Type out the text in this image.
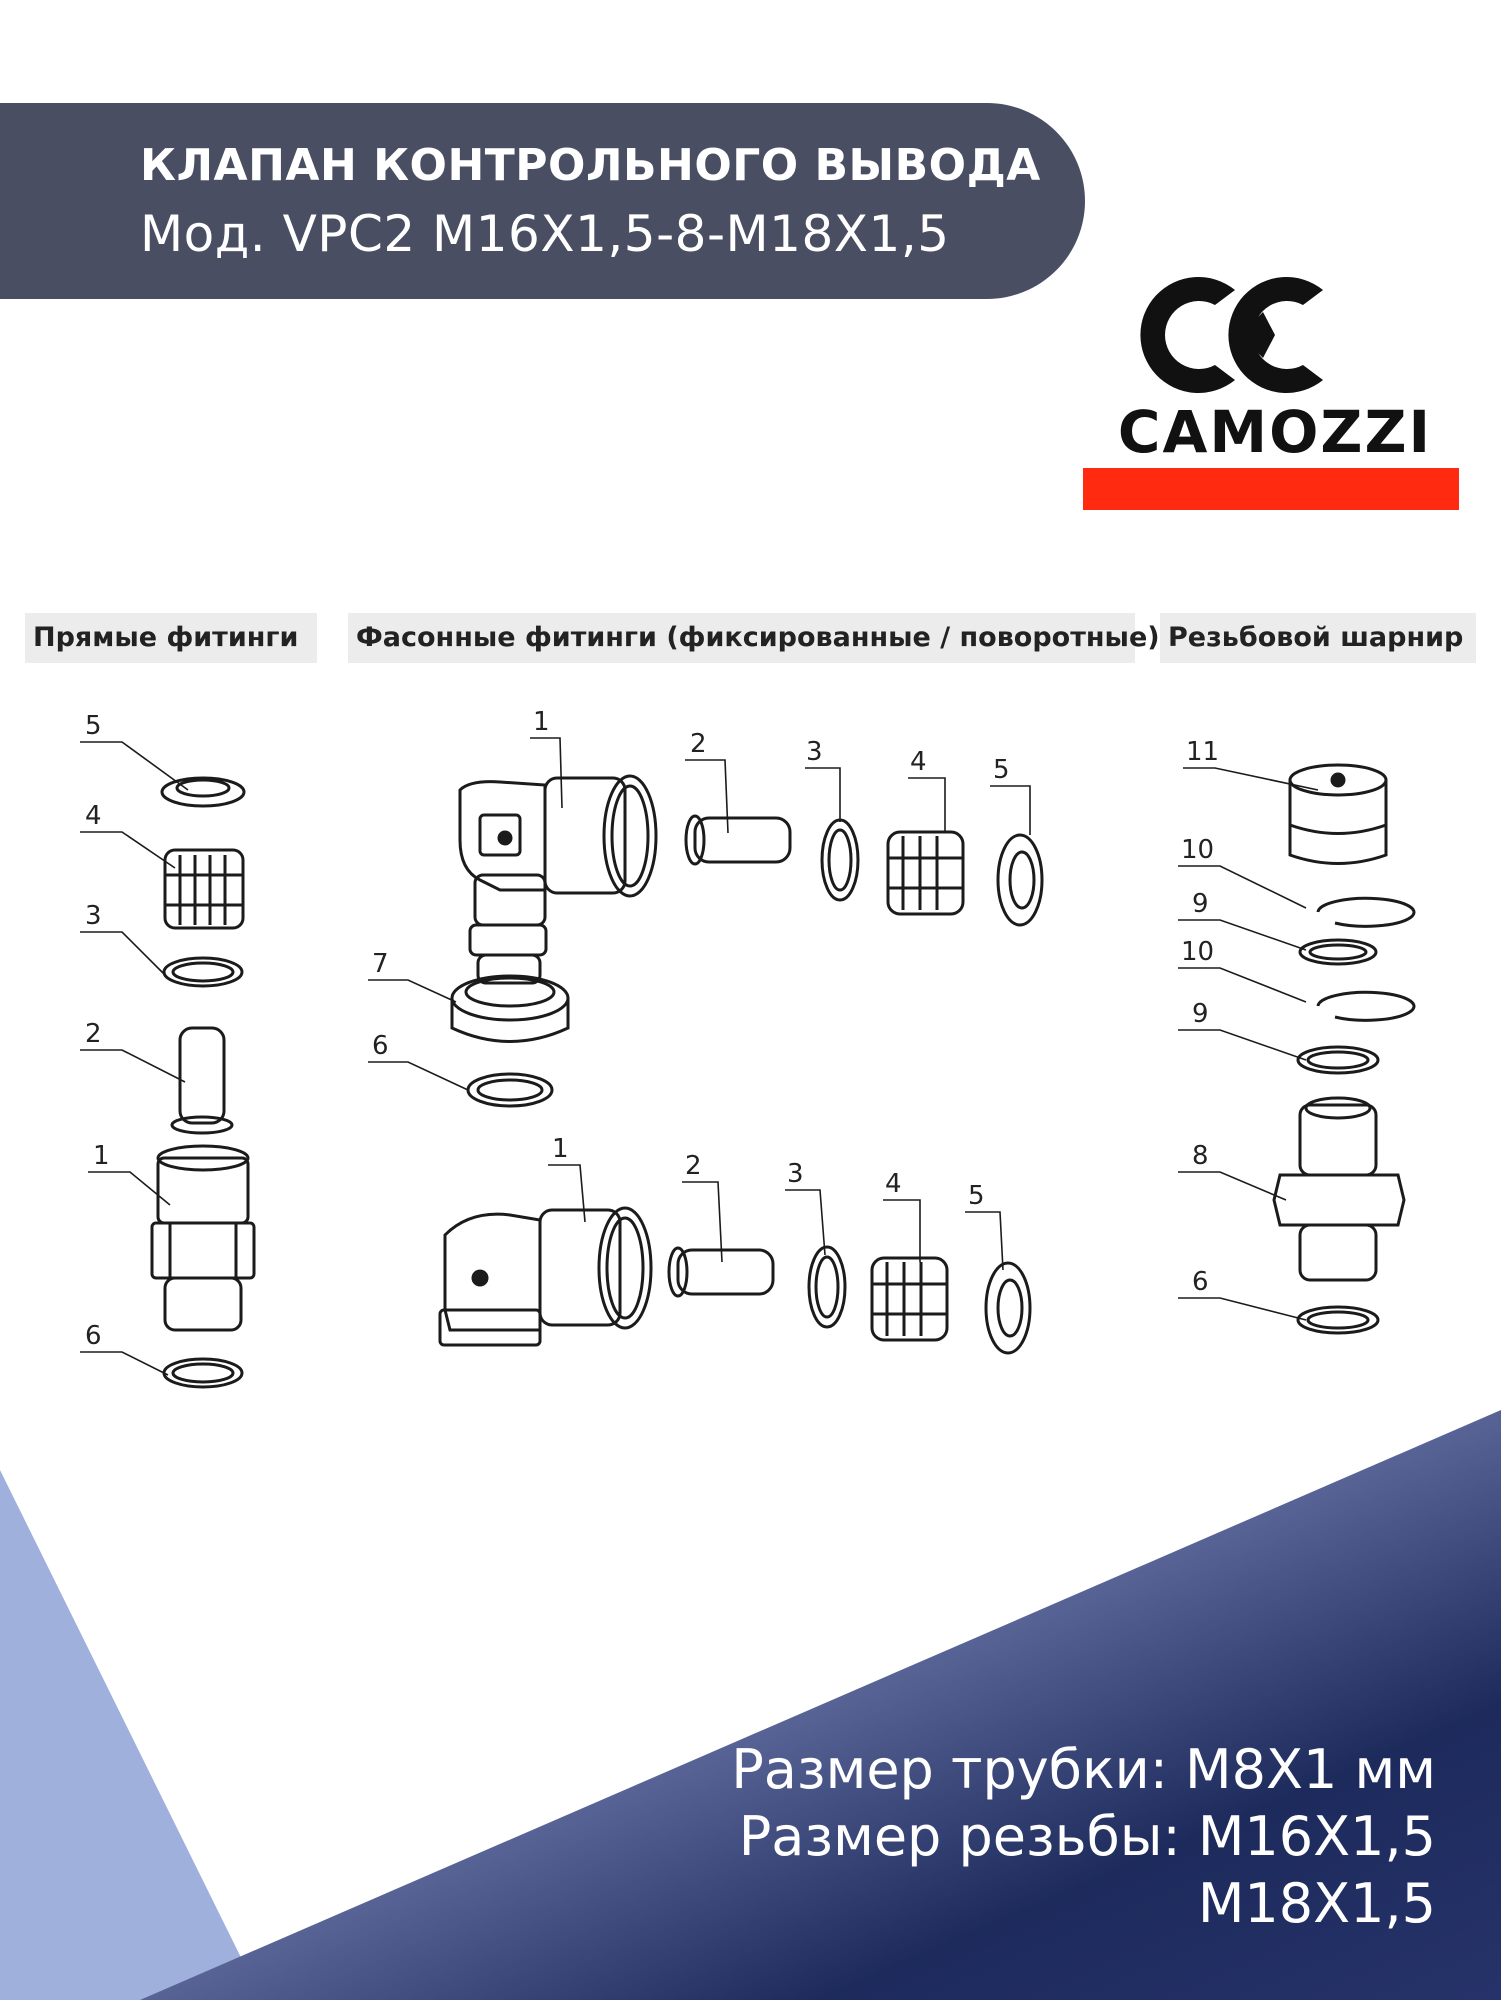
КЛАПАН КОНТРОЛЬНОГО ВЫВОДА
Мод. VPC2 M16X1,5-8-M18X1,5
CAMOZZI
Прямые фитинги	Фасонные фитинги (фиксированные / поворотные) Резьбовой шарнир
5
4
3
2
1
6
1
2	3	4	5
7
6
1
2	3	4	5
11
10
9
10
9
8
6
Размер трубки: M8X1 мм
Размер резьбы: M16X1,5
M18X1,5
